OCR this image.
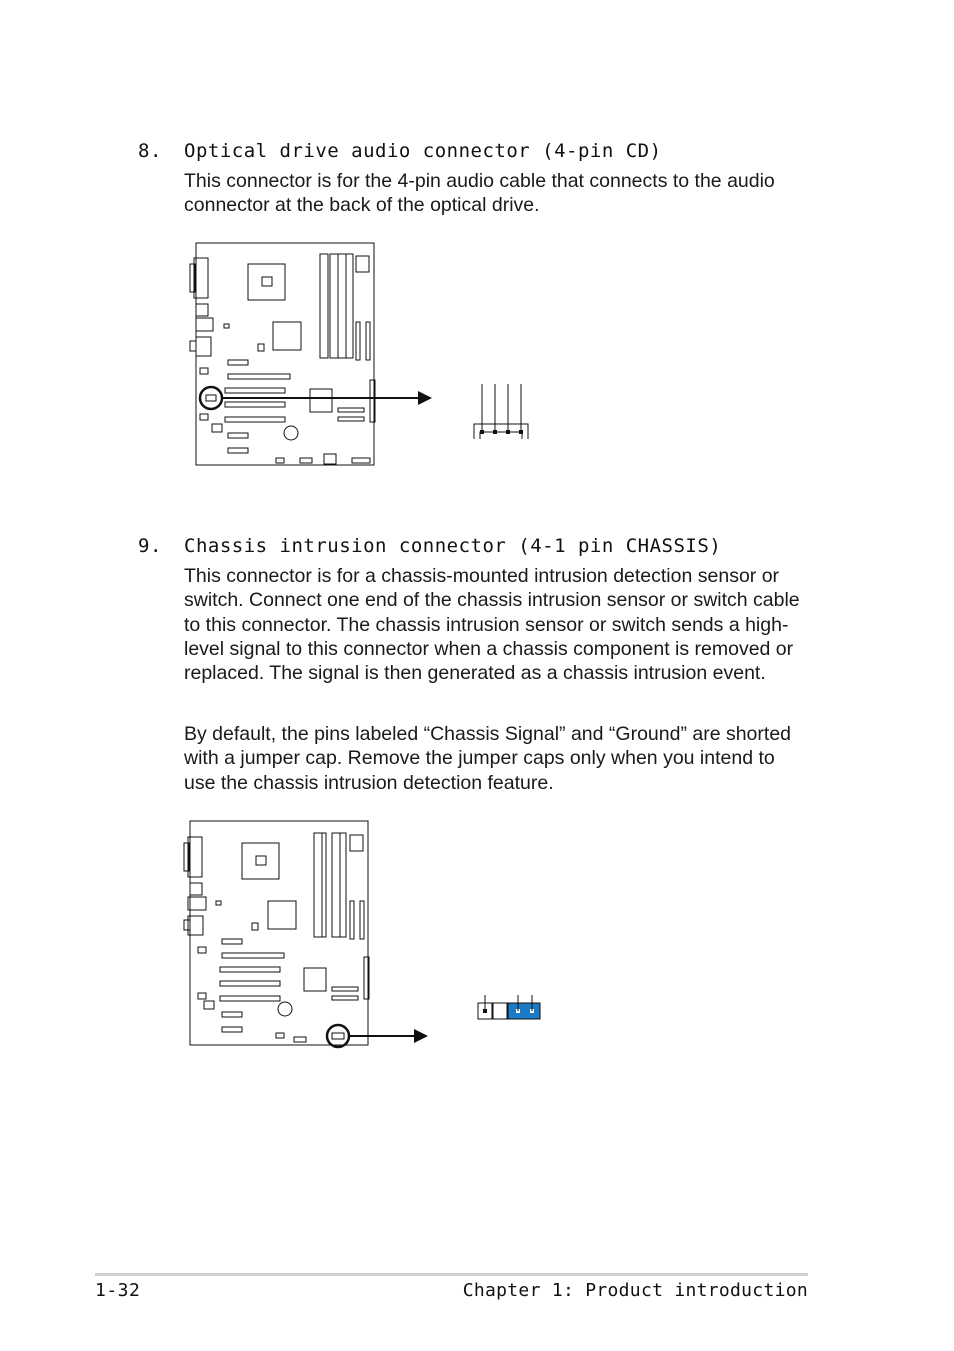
8. Optical drive audio connector (4-pin CD)

This connector is for the 4-pin audio cable that connects to the audio connector at the back of the optical drive.

9. Chassis intrusion connector (4-1 pin CHASSIS)

This connector is for a chassis-mounted intrusion detection sensor or switch. Connect one end of the chassis intrusion sensor or switch cable to this connector. The chassis intrusion sensor or switch sends a high-level signal to this connector when a chassis component is removed or replaced. The signal is then generated as a chassis intrusion event.

By default, the pins labeled “Chassis Signal” and “Ground” are shorted with a jumper cap. Remove the jumper caps only when you intend to use the chassis intrusion detection feature.

1-32	Chapter 1: Product introduction
